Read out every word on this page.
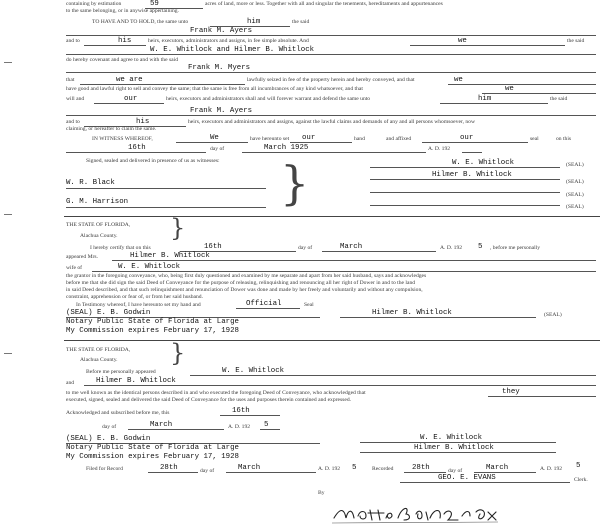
containing by estimation	59	acres of land, more or less. Together with all and singular the tenements, hereditaments and appurtenances
to the same belonging, or in anywise appertaining.
TO HAVE AND TO HOLD, the same unto	him	the said
Frank M. Ayers
and to	his	heirs, executors, administrators and assigns, in fee simple absolute. And	we	the said
W. E. Whitlock and Hilmer B. Whitlock
do hereby covenant and agree to and with the said
Frank M. Myers
that	we are	lawfully seized in fee of the property herein and hereby conveyed, and that	we
have good and lawful right to sell and convey the same; that the same is free from all incumbrances of any kind whatsoever, and that	we
will and	our	heirs, executors and administrators shall and will forever warrant and defend the same unto	him	the said
Frank M. Ayers
and to	his	heirs, executors and administrators and assigns, against the lawful claims and demands of any and all persons whomsoever, now
claiming, or hereafter to claim the same.
IN WITNESS WHEREOF,	We	have hereunto set our	hand	and affixed	our	seal	on this
16th	day of	March 1925	A. D. 192
Signed, sealed and delivered in presence of us as witnesses:	W. E. Whitlock	(SEAL)
Hilmer B. Whitlock
(SEAL)
W. R. Black
(SEAL)
G. M. Harrison
(SEAL)
}
THE STATE OF FLORIDA, }
Alachua County.
I hereby certify that on this	16th	day of	March	A. D. 192 5 , before me personally
appeared Mrs.	Hilmer B. Whitlock
wife of	W. E. Whitlock
the grantor in the foregoing conveyance, who, being first duly questioned and examined by me separate and apart from her said husband, says and acknowledges
before me that she did sign the said Deed of Conveyance for the purpose of releasing, relinquishing and renouncing all her right of Dower in and to the land
in said Deed described, and that such relinquishment and renunciation of Dower was done and made by her freely and voluntarily and without any compulsion,
constraint, apprehension or fear of, or from her said husband.
In Testimony whereof, I have hereunto set my hand and	Official	Seal
(SEAL) E. B. Godwin
Notary Public State of Florida at Large
My Commission expires February 17, 1928
Hilmer B. Whitlock	(SEAL)
THE STATE OF FLORIDA, }
Alachua County.
Before me personally appeared	W. E. Whitlock
and	Hilmer B. Whitlock
to me well known as the identical persons described in and who executed the foregoing Deed of Conveyance, who acknowledged that	they
executed, signed, sealed and delivered the said Deed of Conveyance for the uses and purposes therein contained and expressed.
Acknowledged and subscribed before me, this	16th
day of	March	A. D. 192 5
(SEAL) E. B. Godwin
Notary Public State of Florida at Large
My Commission expires February 17, 1928
W. E. Whitlock
Hilmer B. Whitlock
Filed for Record	28th	day of	March	A. D. 192 5	Recorded	28th	day of	March	A. D. 192 5
GEO. E. EVANS	Clerk.
By
